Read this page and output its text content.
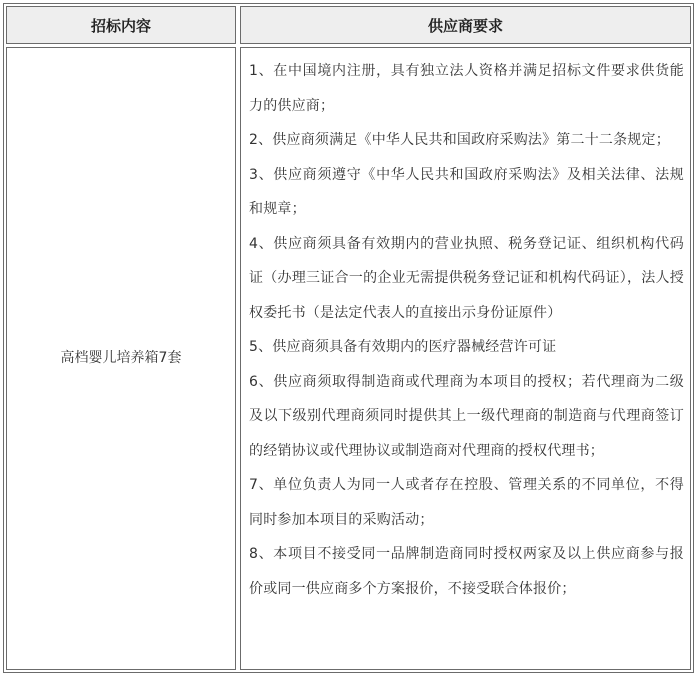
招标内容	供应商要求
高档婴儿培养箱7套

1、在中国境内注册，具有独立法人资格并满足招标文件要求供货能力的供应商；

2、供应商须满足《中华人民共和国政府采购法》第二十二条规定；

3、供应商须遵守《中华人民共和国政府采购法》及相关法律、法规和规章；

4、供应商须具备有效期内的营业执照、税务登记证、组织机构代码证（办理三证合一的企业无需提供税务登记证和机构代码证），法人授权委托书（是法定代表人的直接出示身份证原件）

5、供应商须具备有效期内的医疗器械经营许可证

6、供应商须取得制造商或代理商为本项目的授权；若代理商为二级及以下级别代理商须同时提供其上一级代理商的制造商与代理商签订的经销协议或代理协议或制造商对代理商的授权代理书；

7、单位负责人为同一人或者存在控股、管理关系的不同单位，不得同时参加本项目的采购活动；

8、本项目不接受同一品牌制造商同时授权两家及以上供应商参与报价或同一供应商多个方案报价，不接受联合体报价；
